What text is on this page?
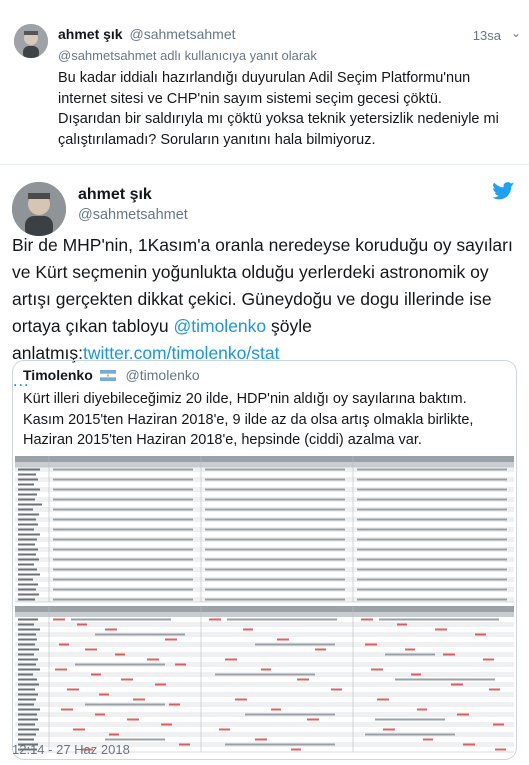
ahmet şık @sahmetsahmet	13sa ⌄
@sahmetsahmet adlı kullanıcıya yanıt olarak
Bu kadar iddialı hazırlandığı duyurulan Adil Seçim Platformu'nun internet sitesi ve CHP'nin sayım sistemi seçim gecesi çöktü. Dışarıdan bir saldırıyla mı çöktü yoksa teknik yetersizlik nedeniyle mi çalıştırılamadı? Soruların yanıtını hala bilmiyoruz.
ahmet şık
@sahmetsahmet
Bir de MHP'nin, 1Kasım'a oranla neredeyse koruduğu oy sayıları ve Kürt seçmenin yoğunlukta olduğu yerlerdeki astronomik oy artışı gerçekten dikkat çekici. Güneydoğu ve dogu illerinde ise ortaya çıkan tabloyu @timolenko şöyle anlatmış:twitter.com/timolenko/stat
…
Timolenko @timolenko
Kürt illeri diyebileceğimiz 20 ilde, HDP'nin aldığı oy sayılarına baktım. Kasım 2015'ten Haziran 2018'e, 9 ilde az da olsa artış olmakla birlikte, Haziran 2015'ten Haziran 2018'e, hepsinde (ciddi) azalma var.
12:14 - 27 Haz 2018
